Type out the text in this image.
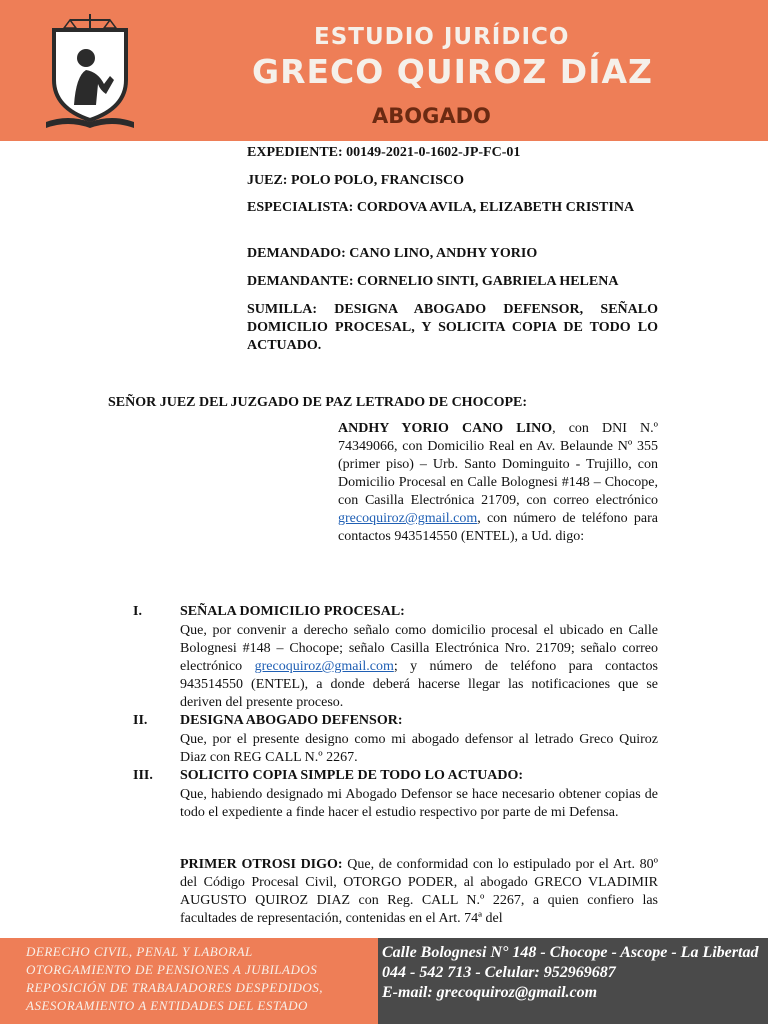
ESTUDIO JURÍDICO
GRECO QUIROZ DÍAZ
ABOGADO
EXPEDIENTE: 00149-2021-0-1602-JP-FC-01
JUEZ: POLO POLO, FRANCISCO
ESPECIALISTA: CORDOVA AVILA, ELIZABETH CRISTINA
DEMANDADO: CANO LINO, ANDHY YORIO
DEMANDANTE: CORNELIO SINTI, GABRIELA HELENA
SUMILLA: DESIGNA ABOGADO DEFENSOR, SEÑALO DOMICILIO PROCESAL, Y SOLICITA COPIA DE TODO LO ACTUADO.
SEÑOR JUEZ DEL JUZGADO DE PAZ LETRADO DE CHOCOPE:
ANDHY YORIO CANO LINO, con DNI N.º 74349066, con Domicilio Real en Av. Belaunde Nº 355 (primer piso) – Urb. Santo Dominguito - Trujillo, con Domicilio Procesal en Calle Bolognesi #148 – Chocope, con Casilla Electrónica 21709, con correo electrónico grecoquiroz@gmail.com, con número de teléfono para contactos 943514550 (ENTEL), a Ud. digo:
I.	SEÑALA DOMICILIO PROCESAL:
Que, por convenir a derecho señalo como domicilio procesal el ubicado en Calle Bolognesi #148 – Chocope; señalo Casilla Electrónica Nro. 21709; señalo correo electrónico grecoquiroz@gmail.com; y número de teléfono para contactos 943514550 (ENTEL), a donde deberá hacerse llegar las notificaciones que se deriven del presente proceso.
II. DESIGNA ABOGADO DEFENSOR:
Que, por el presente designo como mi abogado defensor al letrado Greco Quiroz Diaz con REG CALL N.º 2267.
III. SOLICITO COPIA SIMPLE DE TODO LO ACTUADO:
Que, habiendo designado mi Abogado Defensor se hace necesario obtener copias de todo el expediente a finde hacer el estudio respectivo por parte de mi Defensa.
PRIMER OTROSI DIGO: Que, de conformidad con lo estipulado por el Art. 80º del Código Procesal Civil, OTORGO PODER, al abogado GRECO VLADIMIR AUGUSTO QUIROZ DIAZ con Reg. CALL N.º 2267, a quien confiero las facultades de representación, contenidas en el Art. 74ª del
DERECHO CIVIL, PENAL Y LABORAL
OTORGAMIENTO DE PENSIONES A JUBILADOS
REPOSICIÓN DE TRABAJADORES DESPEDIDOS,
ASESORAMIENTO A ENTIDADES DEL ESTADO
Calle Bolognesi N° 148 - Chocope - Ascope - La Libertad
044 - 542 713 - Celular: 952969687
E-mail: grecoquiroz@gmail.com
